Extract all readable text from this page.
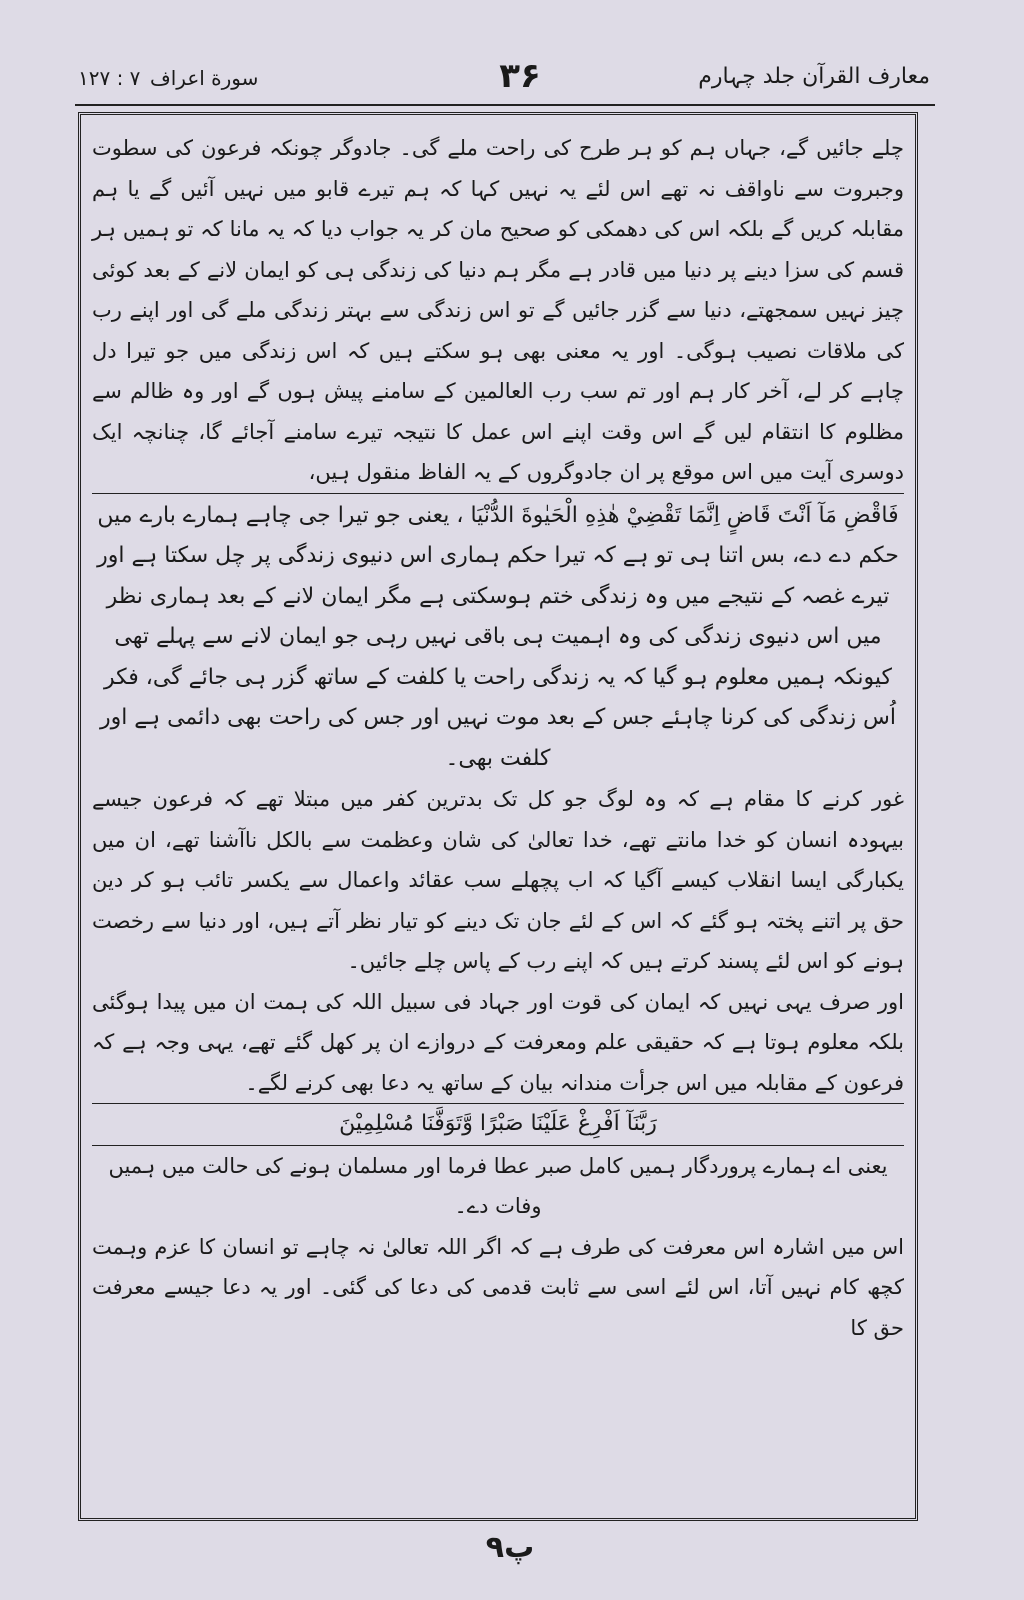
۱۲۷ : ۷ سورة اعراف	۳۶	معارف القرآن جلد چہارم

چلے جائیں گے، جہاں ہم کو ہر طرح کی راحت ملے گی۔ جادوگر چونکہ فرعون کی سطوت وجبروت سے ناواقف نہ تھے اس لئے یہ نہیں کہا کہ ہم تیرے قابو میں نہیں آئیں گے یا ہم مقابلہ کریں گے بلکہ اس کی دھمکی کو صحیح مان کر یہ جواب دیا کہ یہ مانا کہ تو ہمیں ہر قسم کی سزا دینے پر دنیا میں قادر ہے مگر ہم دنیا کی زندگی ہی کو ایمان لانے کے بعد کوئی چیز نہیں سمجھتے، دنیا سے گزر جائیں گے تو اس زندگی سے بہتر زندگی ملے گی اور اپنے رب کی ملاقات نصیب ہوگی۔ اور یہ معنی بھی ہو سکتے ہیں کہ اس زندگی میں جو تیرا دل چاہے کر لے، آخر کار ہم اور تم سب رب العالمین کے سامنے پیش ہوں گے اور وہ ظالم سے مظلوم کا انتقام لیں گے اس وقت اپنے اس عمل کا نتیجہ تیرے سامنے آجائے گا، چنانچہ ایک دوسری آیت میں اس موقع پر ان جادوگروں کے یہ الفاظ منقول ہیں،

فَاقْضِ مَآ اَنْتَ قَاضٍ اِنَّمَا تَقْضِيْ هٰذِهِ الْحَيٰوةَ الدُّنْيَا ، یعنی جو تیرا جی چاہے ہمارے بارے میں حکم دے دے، بس اتنا ہی تو ہے کہ تیرا حکم ہماری اس دنیوی زندگی پر چل سکتا ہے اور تیرے غصہ کے نتیجے میں وہ زندگی ختم ہوسکتی ہے مگر ایمان لانے کے بعد ہماری نظر میں اس دنیوی زندگی کی وہ اہمیت ہی باقی نہیں رہی جو ایمان لانے سے پہلے تھی کیونکہ ہمیں معلوم ہو گیا کہ یہ زندگی راحت یا کلفت کے ساتھ گزر ہی جائے گی، فکر اُس زندگی کی کرنا چاہئے جس کے بعد موت نہیں اور جس کی راحت بھی دائمی ہے اور کلفت بھی۔

غور کرنے کا مقام ہے کہ وہ لوگ جو کل تک بدترین کفر میں مبتلا تھے کہ فرعون جیسے بیہودہ انسان کو خدا مانتے تھے، خدا تعالیٰ کی شان وعظمت سے بالکل ناآشنا تھے، ان میں یکبارگی ایسا انقلاب کیسے آگیا کہ اب پچھلے سب عقائد واعمال سے یکسر تائب ہو کر دین حق پر اتنے پختہ ہو گئے کہ اس کے لئے جان تک دینے کو تیار نظر آتے ہیں، اور دنیا سے رخصت ہونے کو اس لئے پسند کرتے ہیں کہ اپنے رب کے پاس چلے جائیں۔

اور صرف یہی نہیں کہ ایمان کی قوت اور جہاد فی سبیل اللہ کی ہمت ان میں پیدا ہوگئی بلکہ معلوم ہوتا ہے کہ حقیقی علم ومعرفت کے دروازے ان پر کھل گئے تھے، یہی وجہ ہے کہ فرعون کے مقابلہ میں اس جرأت مندانہ بیان کے ساتھ یہ دعا بھی کرنے لگے۔

رَبَّنَآ اَفْرِغْ عَلَيْنَا صَبْرًا وَّتَوَفَّنَا مُسْلِمِيْنَ

یعنی اے ہمارے پروردگار ہمیں کامل صبر عطا فرما اور مسلمان ہونے کی حالت میں ہمیں وفات دے۔

اس میں اشارہ اس معرفت کی طرف ہے کہ اگر اللہ تعالیٰ نہ چاہے تو انسان کا عزم وہمت کچھ کام نہیں آتا، اس لئے اسی سے ثابت قدمی کی دعا کی گئی۔ اور یہ دعا جیسے معرفت حق کا

۹پ
